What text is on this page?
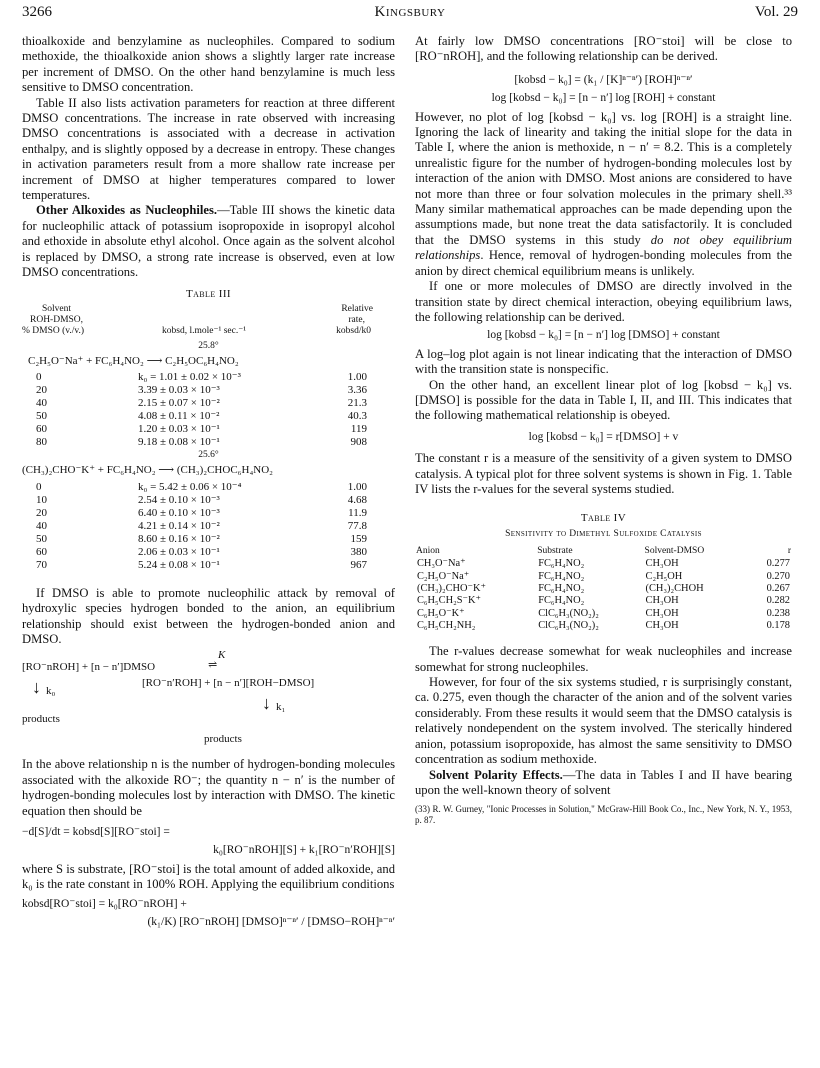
3266	Kingsbury	Vol. 29

thioalkoxide and benzylamine as nucleophiles. Compared to sodium methoxide, the thioalkoxide anion shows a slightly larger rate increase per increment of DMSO. On the other hand benzylamine is much less sensitive to DMSO concentration.

Table II also lists activation parameters for reaction at three different DMSO concentrations. The increase in rate observed with increasing DMSO concentrations is associated with a decrease in activation enthalpy, and is slightly opposed by a decrease in entropy. These changes in activation parameters result from a more shallow rate increase per increment of DMSO at higher temperatures compared to lower temperatures.

Other Alkoxides as Nucleophiles.—Table III shows the kinetic data for nucleophilic attack of potassium isopropoxide in isopropyl alcohol and ethoxide in absolute ethyl alcohol. Once again as the solvent alcohol is replaced by DMSO, a strong rate increase is observed, even at low DMSO concentrations.

Table III
Solvent
ROH-DMSO,
% DMSO (v./v.)	kobsd, l.mole⁻¹ sec.⁻¹
Relative
rate,
kobsd/k0
25.8°
C₂H₅O⁻Na⁺ + FC₆H₄NO₂ ⟶ C₂H₅OC₆H₄NO₂
0	k₀ = 1.01 ± 0.02 × 10⁻³	1.00
20	3.39 ± 0.03 × 10⁻³	3.36
40	2.15 ± 0.07 × 10⁻²	21.3
50	4.08 ± 0.11 × 10⁻²	40.3
60	1.20 ± 0.03 × 10⁻¹	119
80	9.18 ± 0.08 × 10⁻¹	908
25.6°
(CH₃)₂CHO⁻K⁺ + FC₆H₄NO₂ ⟶ (CH₃)₂CHOC₆H₄NO₂
0	k₀ = 5.42 ± 0.06 × 10⁻⁴	1.00
10	2.54 ± 0.10 × 10⁻³	4.68
20	6.40 ± 0.10 × 10⁻³	11.9
40	4.21 ± 0.14 × 10⁻²	77.8
50	8.60 ± 0.16 × 10⁻²	159
60	2.06 ± 0.03 × 10⁻¹	380
70	5.24 ± 0.08 × 10⁻¹	967

If DMSO is able to promote nucleophilic attack by removal of hydroxylic species hydrogen bonded to the anion, an equilibrium relationship should exist between the hydrogen-bonded anion and DMSO.

[RO⁻nROH] + [n − n′]DMSO
K
⇌
[RO⁻n′ROH] + [n − n′][ROH−DMSO]
↓ k₀
↓ k₁
products
products

In the above relationship n is the number of hydrogen-bonding molecules associated with the alkoxide RO⁻; the quantity n − n′ is the number of hydrogen-bonding molecules lost by interaction with DMSO. The kinetic equation then should be

−d[S]/dt = kobsd[S][RO⁻stoi] =
k₀[RO⁻nROH][S] + k₁[RO⁻n′ROH][S]

where S is substrate, [RO⁻stoi] is the total amount of added alkoxide, and k₀ is the rate constant in 100% ROH. Applying the equilibrium conditions

kobsd[RO⁻stoi] = k₀[RO⁻nROH] +
(k₁/K) [RO⁻nROH] [DMSO]ⁿ⁻ⁿ′ / [DMSO−ROH]ⁿ⁻ⁿ′

At fairly low DMSO concentrations [RO⁻stoi] will be close to [RO⁻nROH], and the following relationship can be derived.

[kobsd − k₀] = (k₁ / [K]ⁿ⁻ⁿ′) [ROH]ⁿ⁻ⁿ′
log [kobsd − k₀] = [n − n′] log [ROH] + constant

However, no plot of log [kobsd − k₀] vs. log [ROH] is a straight line. Ignoring the lack of linearity and taking the initial slope for the data in Table I, where the anion is methoxide, n − n′ = 8.2. This is a completely unrealistic figure for the number of hydrogen-bonding molecules lost by interaction of the anion with DMSO. Most anions are considered to have not more than three or four solvation molecules in the primary shell.³³ Many similar mathematical approaches can be made depending upon the assumptions made, but none treat the data satisfactorily. It is concluded that the DMSO systems in this study do not obey equilibrium relationships. Hence, removal of hydrogen-bonding molecules from the anion by direct chemical equilibrium means is unlikely.

If one or more molecules of DMSO are directly involved in the transition state by direct chemical interaction, obeying equilibrium laws, the following relationship can be derived.

log [kobsd − k₀] = [n − n′] log [DMSO] + constant

A log–log plot again is not linear indicating that the interaction of DMSO with the transition state is nonspecific.

On the other hand, an excellent linear plot of log [kobsd − k₀] vs. [DMSO] is possible for the data in Table I, II, and III. This indicates that the following mathematical relationship is obeyed.

log [kobsd − k₀] = r[DMSO] + v

The constant r is a measure of the sensitivity of a given system to DMSO catalysis. A typical plot for three solvent systems is shown in Fig. 1. Table IV lists the r-values for the several systems studied.

Table IV
Sensitivity to Dimethyl Sulfoxide Catalysis
Anion	Substrate	Solvent-DMSO	r
CH₃O⁻Na⁺	FC₆H₄NO₂	CH₃OH	0.277
C₂H₅O⁻Na⁺	FC₆H₄NO₂	C₂H₅OH	0.270
(CH₃)₂CHO⁻K⁺	FC₆H₄NO₂	(CH₃)₂CHOH	0.267
C₆H₅CH₂S⁻K⁺	FC₆H₄NO₂	CH₃OH	0.282
C₆H₅O⁻K⁺	ClC₆H₃(NO₂)₂	CH₃OH	0.238
C₆H₅CH₂NH₂	ClC₆H₃(NO₂)₂	CH₃OH	0.178

The r-values decrease somewhat for weak nucleophiles and increase somewhat for strong nucleophiles.

However, for four of the six systems studied, r is surprisingly constant, ca. 0.275, even though the character of the anion and of the solvent varies considerably. From these results it would seem that the DMSO catalysis is relatively nondependent on the system involved. The sterically hindered anion, potassium isopropoxide, has almost the same sensitivity to DMSO concentration as sodium methoxide.

Solvent Polarity Effects.—The data in Tables I and II have bearing upon the well-known theory of solvent

(33) R. W. Gurney, "Ionic Processes in Solution," McGraw-Hill Book Co., Inc., New York, N. Y., 1953, p. 87.
